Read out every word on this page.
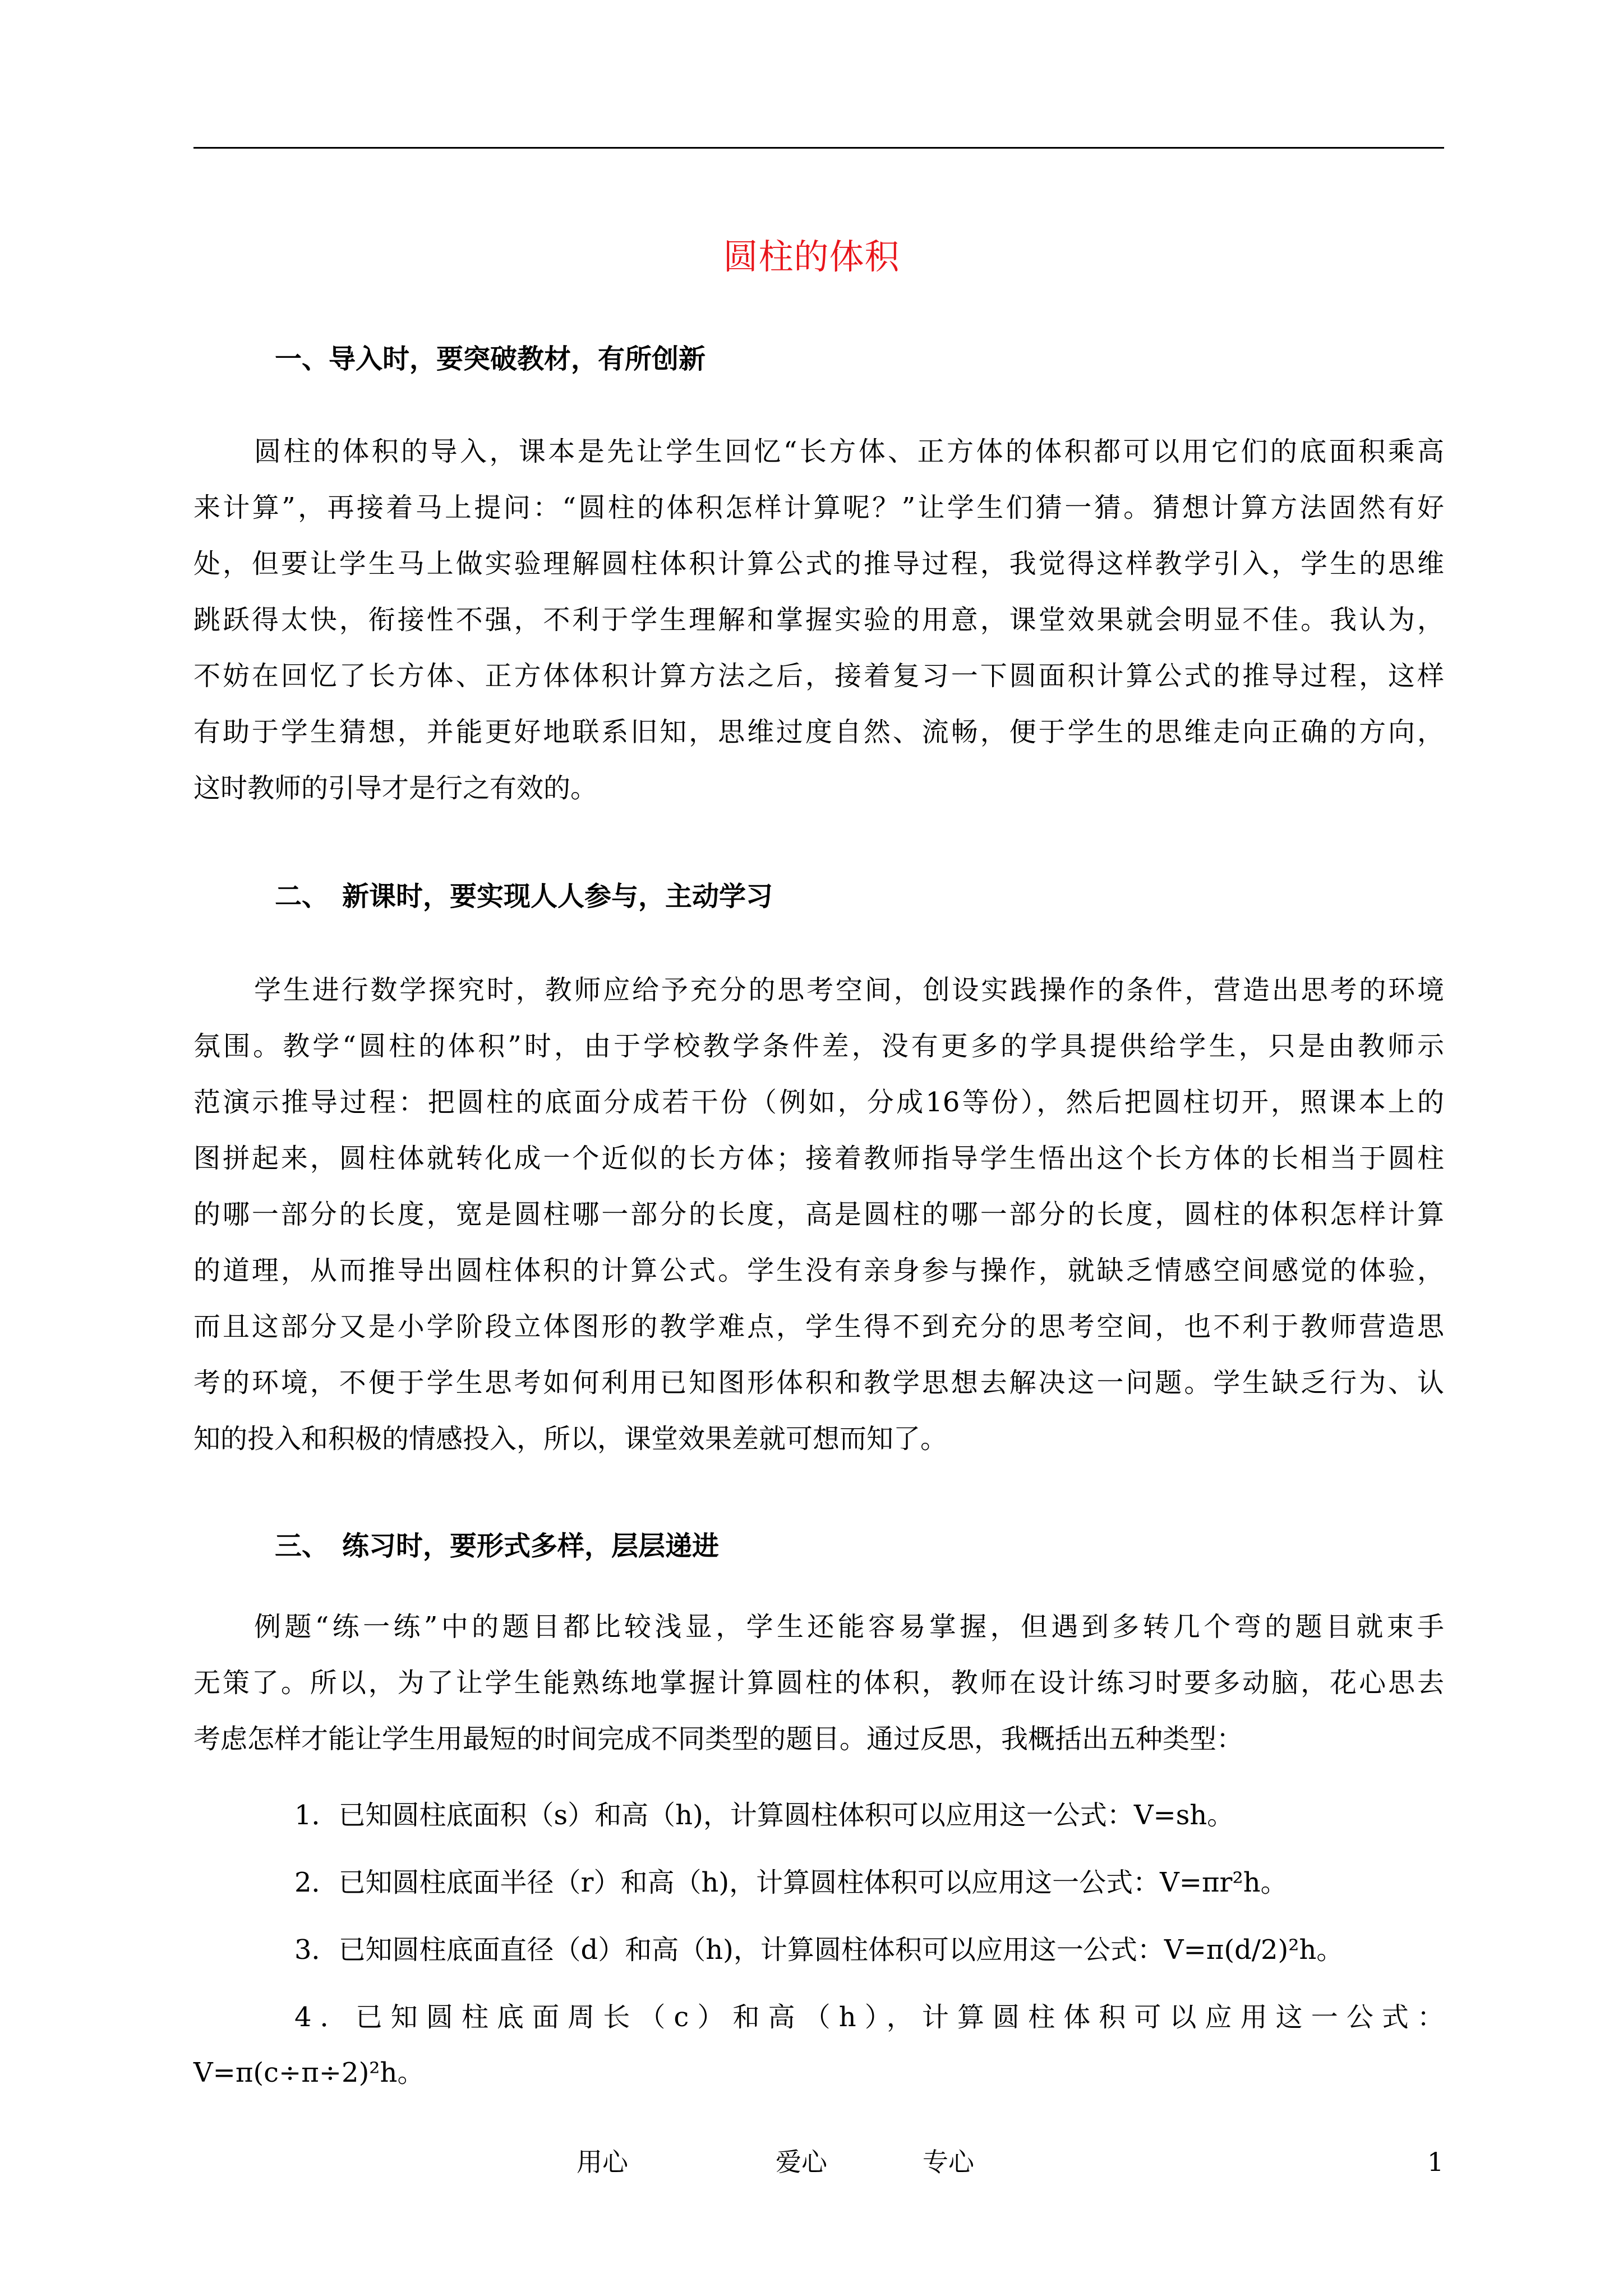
圆柱的体积
一、导入时，要突破教材，有所创新
圆柱的体积的导入，课本是先让学生回忆“长方体、正方体的体积都可以用它们的底面积乘高
来计算”，再接着马上提问：“圆柱的体积怎样计算呢？”让学生们猜一猜。猜想计算方法固然有好
处，但要让学生马上做实验理解圆柱体积计算公式的推导过程，我觉得这样教学引入，学生的思维
跳跃得太快，衔接性不强，不利于学生理解和掌握实验的用意，课堂效果就会明显不佳。我认为，
不妨在回忆了长方体、正方体体积计算方法之后，接着复习一下圆面积计算公式的推导过程，这样
有助于学生猜想，并能更好地联系旧知，思维过度自然、流畅，便于学生的思维走向正确的方向，
这时教师的引导才是行之有效的。
二、　新课时，要实现人人参与，主动学习
学生进行数学探究时，教师应给予充分的思考空间，创设实践操作的条件，营造出思考的环境
氛围。教学“圆柱的体积”时，由于学校教学条件差，没有更多的学具提供给学生，只是由教师示
范演示推导过程：把圆柱的底面分成若干份（例如，分成16等份），然后把圆柱切开，照课本上的
图拼起来，圆柱体就转化成一个近似的长方体；接着教师指导学生悟出这个长方体的长相当于圆柱
的哪一部分的长度，宽是圆柱哪一部分的长度，高是圆柱的哪一部分的长度，圆柱的体积怎样计算
的道理，从而推导出圆柱体积的计算公式。学生没有亲身参与操作，就缺乏情感空间感觉的体验，
而且这部分又是小学阶段立体图形的教学难点，学生得不到充分的思考空间，也不利于教师营造思
考的环境，不便于学生思考如何利用已知图形体积和教学思想去解决这一问题。学生缺乏行为、认
知的投入和积极的情感投入，所以，课堂效果差就可想而知了。
三、　练习时，要形式多样，层层递进
例题“练一练”中的题目都比较浅显，学生还能容易掌握，但遇到多转几个弯的题目就束手
无策了。所以，为了让学生能熟练地掌握计算圆柱的体积，教师在设计练习时要多动脑，花心思去
考虑怎样才能让学生用最短的时间完成不同类型的题目。通过反思，我概括出五种类型：
1．已知圆柱底面积（s）和高（h)，计算圆柱体积可以应用这一公式：V=sh。
2．已知圆柱底面半径（r）和高（h)，计算圆柱体积可以应用这一公式：V=πr²h。
3．已知圆柱底面直径（d）和高（h)，计算圆柱体积可以应用这一公式：V=π(d/2)²h。
4．已知圆柱底面周长（c）和高（h），计算圆柱体积可以应用这一公式：
V=π(c÷π÷2)²h。
用心	爱心	专心	1
